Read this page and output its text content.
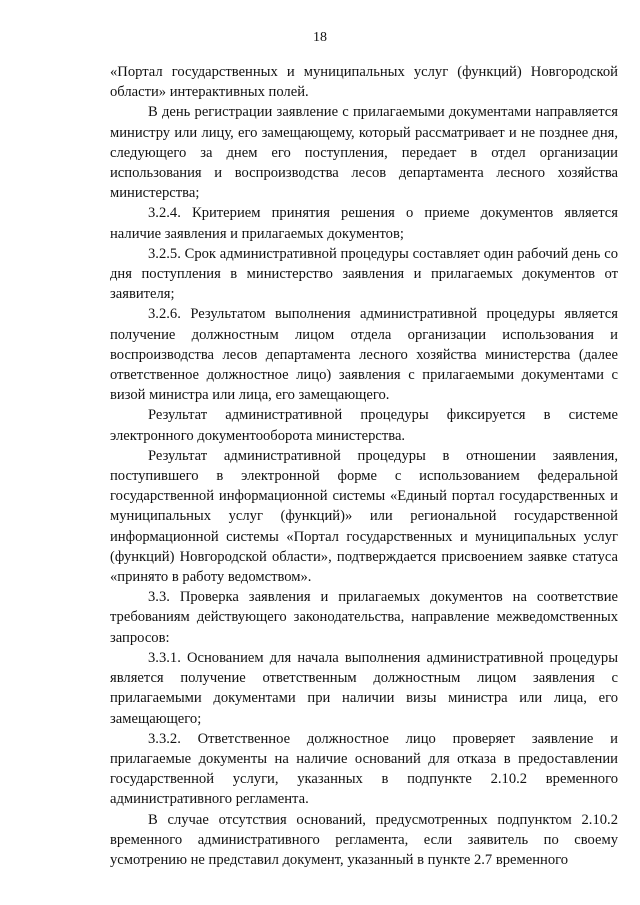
18

«Портал государственных и муниципальных услуг (функций) Новгородской области» интерактивных полей.

В день регистрации заявление с прилагаемыми документами направляется министру или лицу, его замещающему, который рассматривает и не позднее дня, следующего за днем его поступления, передает в отдел организации использования и воспроизводства лесов департамента лесного хозяйства министерства;

3.2.4. Критерием принятия решения о приеме документов является наличие заявления и прилагаемых документов;

3.2.5. Срок административной процедуры составляет один рабочий день со дня поступления в министерство заявления и прилагаемых документов от заявителя;

3.2.6. Результатом выполнения административной процедуры является получение должностным лицом отдела организации использования и воспроизводства лесов департамента лесного хозяйства министерства (далее ответственное должностное лицо) заявления с прилагаемыми документами с визой министра или лица, его замещающего.

Результат административной процедуры фиксируется в системе электронного документооборота министерства.

Результат административной процедуры в отношении заявления, поступившего в электронной форме с использованием федеральной государственной информационной системы «Единый портал государственных и муниципальных услуг (функций)» или региональной государственной информационной системы «Портал государственных и муниципальных услуг (функций) Новгородской области», подтверждается присвоением заявке статуса «принято в работу ведомством».

3.3. Проверка заявления и прилагаемых документов на соответствие требованиям действующего законодательства, направление межведомственных запросов:

3.3.1. Основанием для начала выполнения административной процедуры является получение ответственным должностным лицом заявления с прилагаемыми документами при наличии визы министра или лица, его замещающего;

3.3.2. Ответственное должностное лицо проверяет заявление и прилагаемые документы на наличие оснований для отказа в предоставлении государственной услуги, указанных в подпункте 2.10.2 временного административного регламента.

В случае отсутствия оснований, предусмотренных подпунктом 2.10.2 временного административного регламента, если заявитель по своему усмотрению не представил документ, указанный в пункте 2.7 временного
